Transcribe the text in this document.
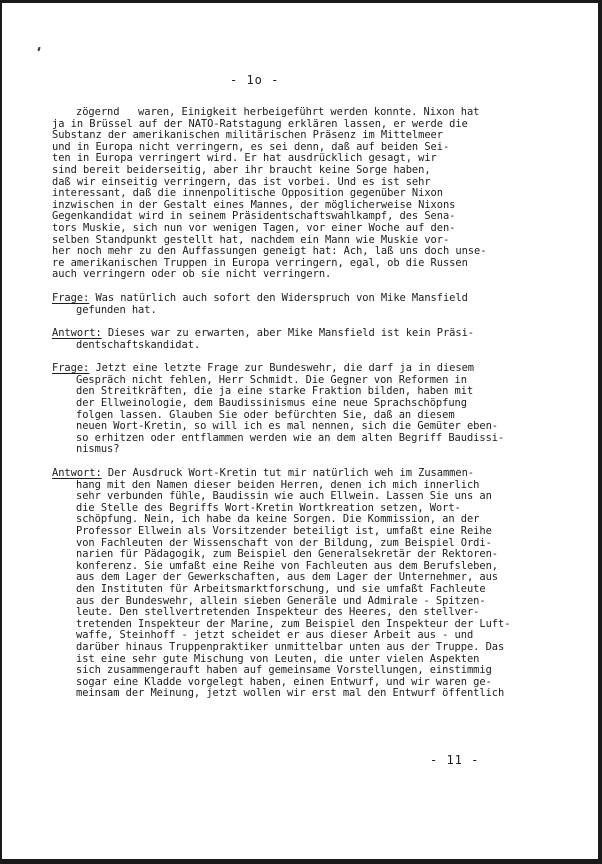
- 1o -
zögernd   waren, Einigkeit herbeigeführt werden konnte. Nixon hat
ja in Brüssel auf der NATO-Ratstagung erklären lassen, er werde die
Substanz der amerikanischen militärischen Präsenz im Mittelmeer
und in Europa nicht verringern, es sei denn, daß auf beiden Sei-
ten in Europa verringert wird. Er hat ausdrücklich gesagt, wir
sind bereit beiderseitig, aber ihr braucht keine Sorge haben,
daß wir einseitig verringern, das ist vorbei. Und es ist sehr
interessant, daß die innenpolitische Opposition gegenüber Nixon
inzwischen in der Gestalt eines Mannes, der möglicherweise Nixons
Gegenkandidat wird in seinem Präsidentschaftswahlkampf, des Sena-
tors Muskie, sich nun vor wenigen Tagen, vor einer Woche auf den-
selben Standpunkt gestellt hat, nachdem ein Mann wie Muskie vor-
her noch mehr zu den Auffassungen geneigt hat: Ach, laß uns doch unse-
re amerikanischen Truppen in Europa verringern, egal, ob die Russen
auch verringern oder ob sie nicht verringern.
Frage: Was natürlich auch sofort den Widerspruch von Mike Mansfield
gefunden hat.
Antwort: Dieses war zu erwarten, aber Mike Mansfield ist kein Präsi-
dentschaftskandidat.
Frage: Jetzt eine letzte Frage zur Bundeswehr, die darf ja in diesem
Gespräch nicht fehlen, Herr Schmidt. Die Gegner von Reformen in
den Streitkräften, die ja eine starke Fraktion bilden, haben mit
der Ellweinologie, dem Baudissinismus eine neue Sprachschöpfung
folgen lassen. Glauben Sie oder befürchten Sie, daß an diesem
neuen Wort-Kretin, so will ich es mal nennen, sich die Gemüter eben-
so erhitzen oder entflammen werden wie an dem alten Begriff Baudissi-
nismus?
Antwort: Der Ausdruck Wort-Kretin tut mir natürlich weh im Zusammen-
hang mit den Namen dieser beiden Herren, denen ich mich innerlich
sehr verbunden fühle, Baudissin wie auch Ellwein. Lassen Sie uns an
die Stelle des Begriffs Wort-Kretin Wortkreation setzen, Wort-
schöpfung. Nein, ich habe da keine Sorgen. Die Kommission, an der
Professor Ellwein als Vorsitzender beteiligt ist, umfaßt eine Reihe
von Fachleuten der Wissenschaft von der Bildung, zum Beispiel Ordi-
narien für Pädagogik, zum Beispiel den Generalsekretär der Rektoren-
konferenz. Sie umfaßt eine Reihe von Fachleuten aus dem Berufsleben,
aus dem Lager der Gewerkschaften, aus dem Lager der Unternehmer, aus
den Instituten für Arbeitsmarktforschung, und sie umfaßt Fachleute
aus der Bundeswehr, allein sieben Generäle und Admirale - Spitzen-
leute. Den stellvertretenden Inspekteur des Heeres, den stellver-
tretenden Inspekteur der Marine, zum Beispiel den Inspekteur der Luft-
waffe, Steinhoff - jetzt scheidet er aus dieser Arbeit aus - und
darüber hinaus Truppenpraktiker unmittelbar unten aus der Truppe. Das
ist eine sehr gute Mischung von Leuten, die unter vielen Aspekten
sich zusammengerauft haben auf gemeinsame Vorstellungen, einstimmig
sogar eine Kladde vorgelegt haben, einen Entwurf, und wir waren ge-
meinsam der Meinung, jetzt wollen wir erst mal den Entwurf öffentlich
- 11 -
